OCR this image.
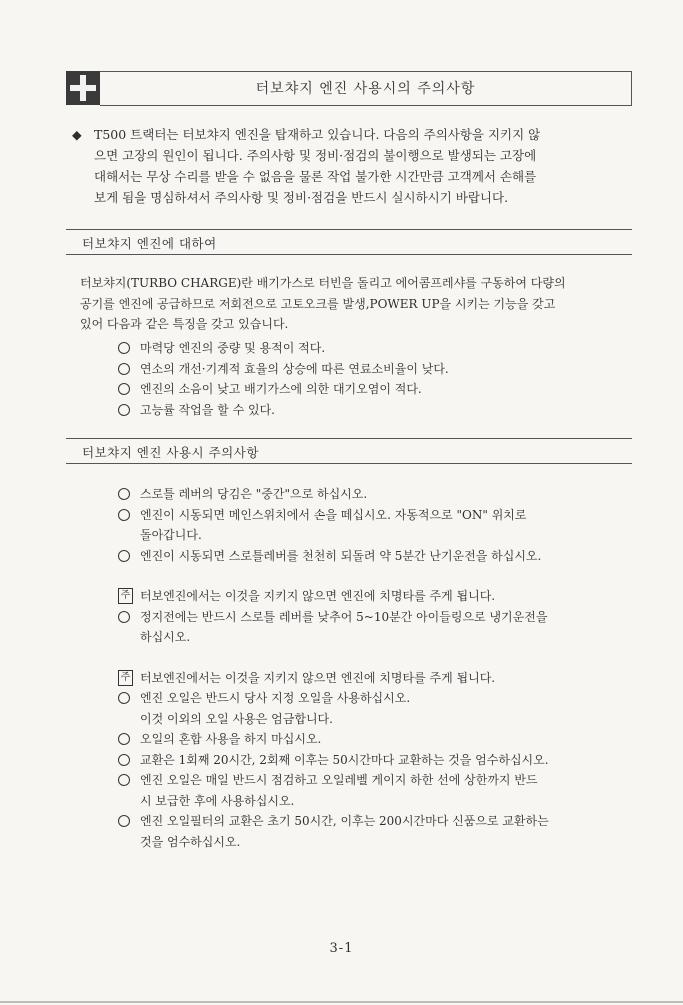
터보챠지 엔진 사용시의 주의사항
◆ T500 트랙터는 터보챠지 엔진을 탑재하고 있습니다. 다음의 주의사항을 지키지 않
으면 고장의 원인이 됩니다. 주의사항 및 정비·점검의 불이행으로 발생되는 고장에
대해서는 무상 수리를 받을 수 없음을 물론 작업 불가한 시간만큼 고객께서 손해를
보게 됨을 명심하셔서 주의사항 및 정비·점검을 반드시 실시하시기 바랍니다.
터보챠지 엔진에 대하여
터보챠지(TURBO CHARGE)란 배기가스로 터빈을 돌리고 에어콤프레샤를 구동하여 다량의
공기를 엔진에 공급하므로 저회전으로 고토오크를 발생,POWER UP을 시키는 기능을 갖고
있어 다음과 같은 특징을 갖고 있습니다.
마력당 엔진의 중량 및 용적이 적다.
연소의 개선·기계적 효율의 상승에 따른 연료소비율이 낮다.
엔진의 소음이 낮고 배기가스에 의한 대기오염이 적다.
고능률 작업을 할 수 있다.
터보챠지 엔진 사용시 주의사항
스로틀 레버의 당김은 "중간"으로 하십시오.
엔진이 시동되면 메인스위치에서 손을 떼십시오. 자동적으로 "ON" 위치로
돌아갑니다.
엔진이 시동되면 스로틀레버를 천천히 되돌려 약 5분간 난기운전을 하십시오.
주 터보엔진에서는 이것을 지키지 않으면 엔진에 치명타를 주게 됩니다.
정지전에는 반드시 스로틀 레버를 낮추어 5~10분간 아이들링으로 냉기운전을
하십시오.
주 터보엔진에서는 이것을 지키지 않으면 엔진에 치명타를 주게 됩니다.
엔진 오일은 반드시 당사 지정 오일을 사용하십시오.
이것 이외의 오일 사용은 엄금합니다.
오일의 혼합 사용을 하지 마십시오.
교환은 1회째 20시간, 2회째 이후는 50시간마다 교환하는 것을 엄수하십시오.
엔진 오일은 매일 반드시 점검하고 오일레벨 게이지 하한 선에 상한까지 반드
시 보급한 후에 사용하십시오.
엔진 오일필터의 교환은 초기 50시간, 이후는 200시간마다 신품으로 교환하는
것을 엄수하십시오.
3-1
